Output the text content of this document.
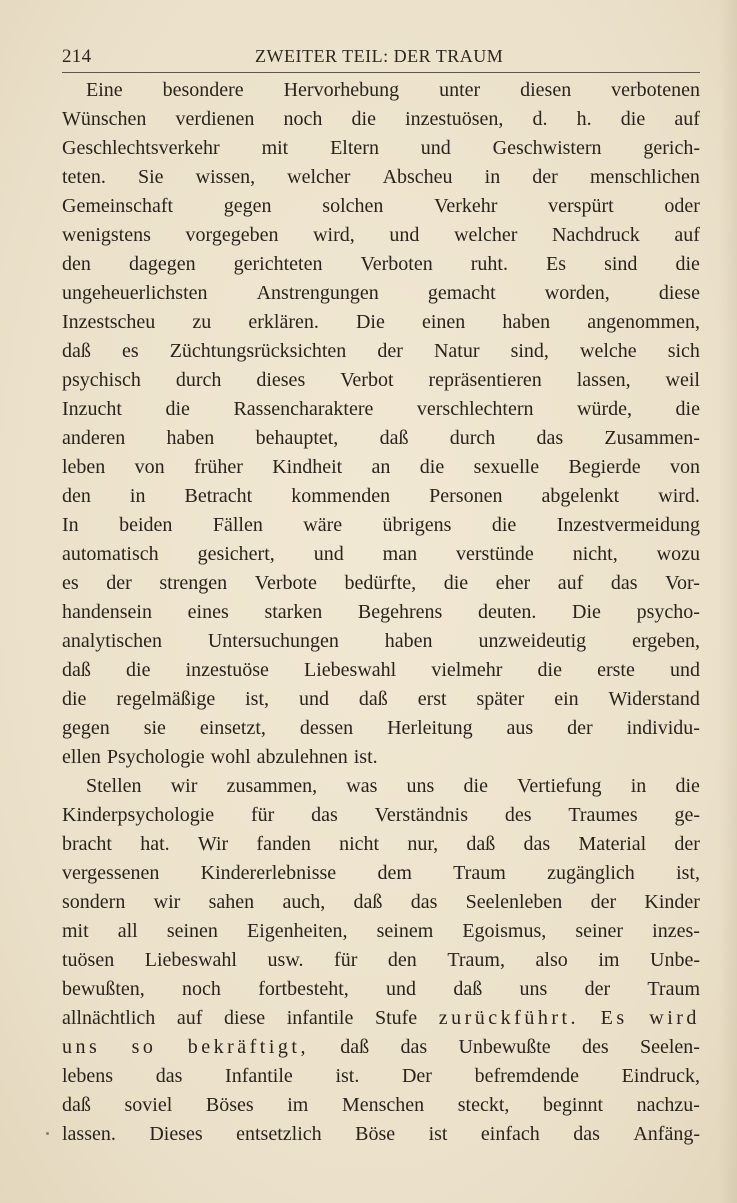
214	ZWEITER TEIL: DER TRAUM
Eine besondere Hervorhebung unter diesen verbotenen
Wünschen verdienen noch die inzestuösen, d. h. die auf
Geschlechtsverkehr mit Eltern und Geschwistern gerich-
teten. Sie wissen, welcher Abscheu in der menschlichen
Gemeinschaft	gegen	solchen	Verkehr	verspürt	oder
wenigstens vorgegeben wird, und welcher Nachdruck auf
den dagegen gerichteten Verboten ruht. Es sind die
ungeheuerlichsten Anstrengungen gemacht worden, diese
Inzestscheu zu erklären. Die einen haben angenommen,
daß es Züchtungsrücksichten der Natur sind, welche sich
psychisch durch dieses Verbot repräsentieren lassen, weil
Inzucht die Rassencharaktere verschlechtern würde, die
anderen haben behauptet, daß durch das Zusammen-
leben von früher Kindheit an die sexuelle Begierde von
den in Betracht kommenden Personen abgelenkt wird.
In beiden Fällen wäre übrigens die Inzestvermeidung
automatisch gesichert, und man verstünde nicht, wozu
es der strengen Verbote bedürfte, die eher auf das Vor-
handensein eines starken Begehrens deuten. Die psycho-
analytischen Untersuchungen haben unzweideutig ergeben,
daß die inzestuöse Liebeswahl vielmehr die erste und
die regelmäßige ist, und daß erst später ein Widerstand
gegen sie einsetzt, dessen Herleitung aus der individu-
ellen Psychologie wohl abzulehnen ist.
Stellen wir zusammen, was uns die Vertiefung in die
Kinderpsychologie für das Verständnis des Traumes ge-
bracht hat. Wir fanden nicht nur, daß das Material der
vergessenen Kindererlebnisse dem Traum zugänglich ist,
sondern wir sahen auch, daß das Seelenleben der Kinder
mit all seinen Eigenheiten, seinem Egoismus, seiner inzes-
tuösen Liebeswahl usw. für den Traum, also im Unbe-
bewußten, noch fortbesteht, und daß uns der Traum
allnächtlich auf diese infantile Stufe zurückführt. Es wird
uns so bekräftigt, daß das Unbewußte des Seelen-
lebens das Infantile ist. Der befremdende Eindruck,
daß soviel Böses im Menschen steckt, beginnt nachzu-
lassen. Dieses entsetzlich Böse ist einfach das Anfäng-
